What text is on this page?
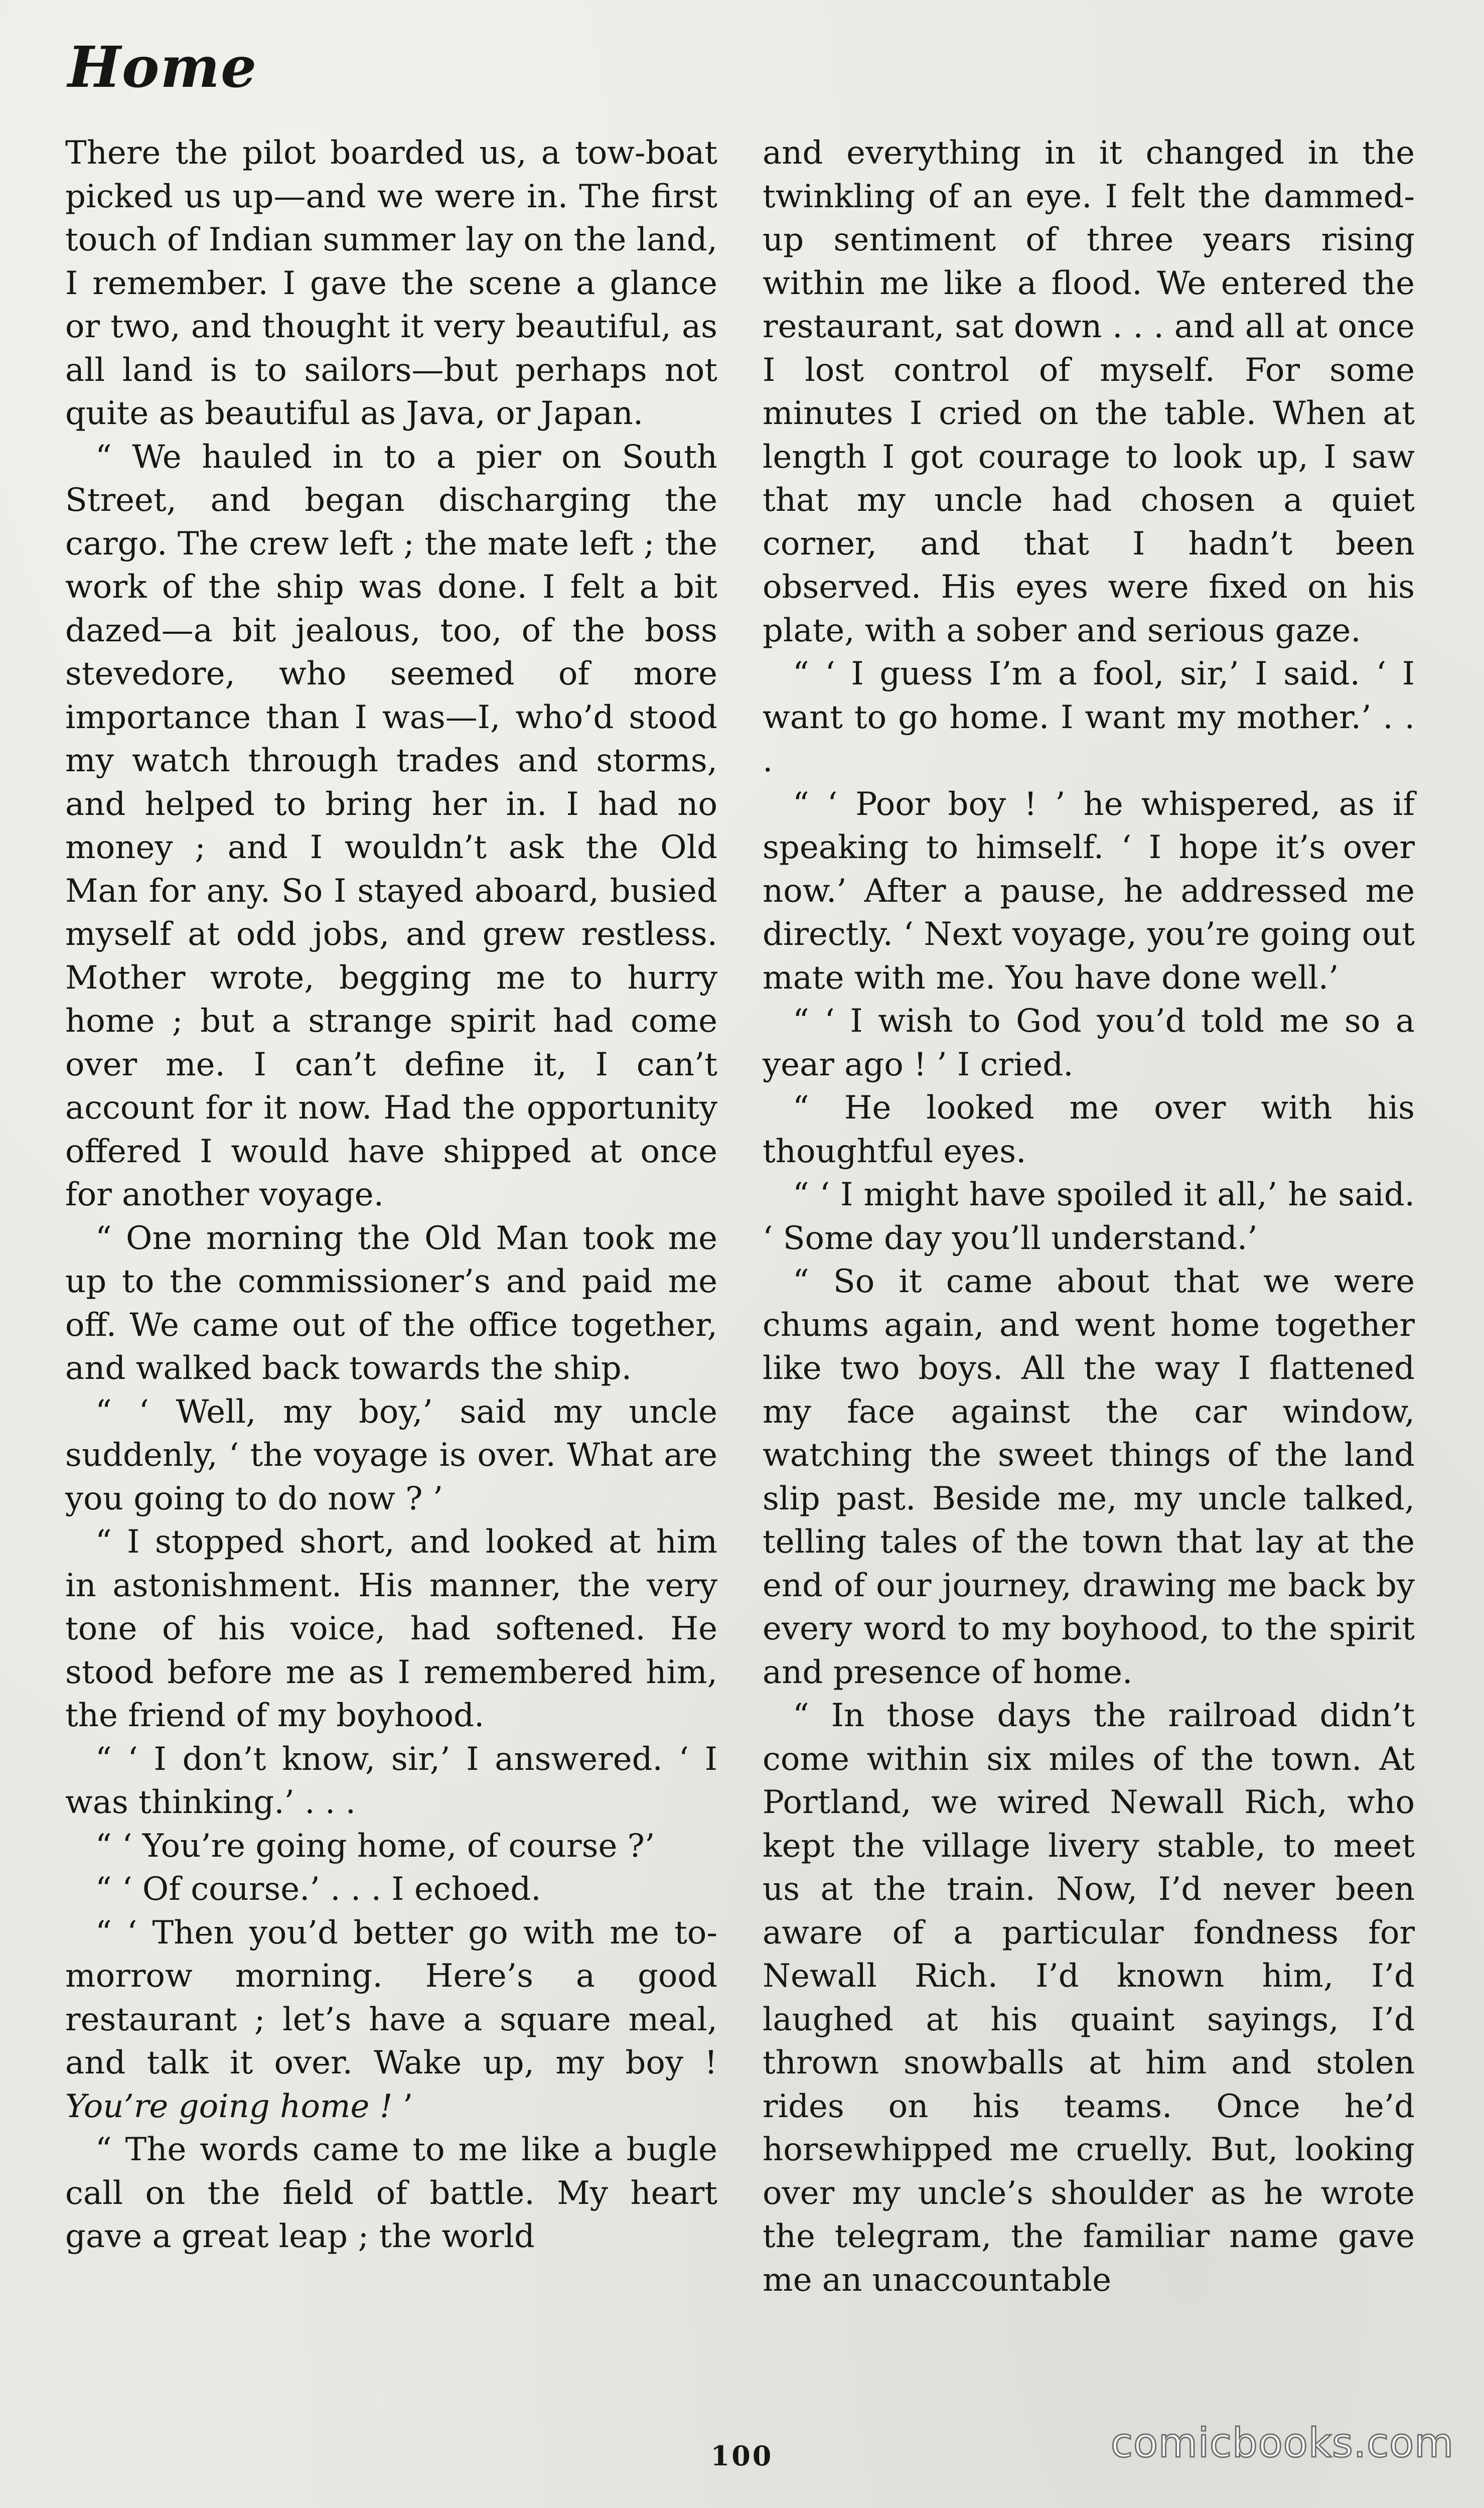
Home

There the pilot boarded us, a tow-boat picked us up—and we were in. The first touch of Indian summer lay on the land, I remember. I gave the scene a glance or two, and thought it very beautiful, as all land is to sailors—but perhaps not quite as beautiful as Java, or Japan.

“ We hauled in to a pier on South Street, and began discharging the cargo. The crew left ; the mate left ; the work of the ship was done. I felt a bit dazed—a bit jealous, too, of the boss stevedore, who seemed of more importance than I was—I, who’d stood my watch through trades and storms, and helped to bring her in. I had no money ; and I wouldn’t ask the Old Man for any. So I stayed aboard, busied myself at odd jobs, and grew restless. Mother wrote, begging me to hurry home ; but a strange spirit had come over me. I can’t define it, I can’t account for it now. Had the opportunity offered I would have shipped at once for another voyage.

“ One morning the Old Man took me up to the commissioner’s and paid me off. We came out of the office together, and walked back towards the ship.

“ ‘ Well, my boy,’ said my uncle suddenly, ‘ the voyage is over. What are you going to do now ? ’

“ I stopped short, and looked at him in astonishment. His manner, the very tone of his voice, had softened. He stood before me as I remembered him, the friend of my boyhood.

“ ‘ I don’t know, sir,’ I answered. ‘ I was thinking.’ . . .

“ ‘ You’re going home, of course ?’

“ ‘ Of course.’ . . . I echoed.

“ ‘ Then you’d better go with me to-morrow morning. Here’s a good restaurant ; let’s have a square meal, and talk it over. Wake up, my boy ! You’re going home ! ’

“ The words came to me like a bugle call on the field of battle. My heart gave a great leap ; the world

and everything in it changed in the twinkling of an eye. I felt the dammed-up sentiment of three years rising within me like a flood. We entered the restaurant, sat down . . . and all at once I lost control of myself. For some minutes I cried on the table. When at length I got courage to look up, I saw that my uncle had chosen a quiet corner, and that I hadn’t been observed. His eyes were fixed on his plate, with a sober and serious gaze.

“ ‘ I guess I’m a fool, sir,’ I said. ‘ I want to go home. I want my mother.’ . . .

“ ‘ Poor boy ! ’ he whispered, as if speaking to himself. ‘ I hope it’s over now.’ After a pause, he addressed me directly. ‘ Next voyage, you’re going out mate with me. You have done well.’

“ ‘ I wish to God you’d told me so a year ago ! ’ I cried.

“ He looked me over with his thoughtful eyes.

“ ‘ I might have spoiled it all,’ he said. ‘ Some day you’ll understand.’

“ So it came about that we were chums again, and went home together like two boys. All the way I flattened my face against the car window, watching the sweet things of the land slip past. Beside me, my uncle talked, telling tales of the town that lay at the end of our journey, drawing me back by every word to my boyhood, to the spirit and presence of home.

“ In those days the railroad didn’t come within six miles of the town. At Portland, we wired Newall Rich, who kept the village livery stable, to meet us at the train. Now, I’d never been aware of a particular fondness for Newall Rich. I’d known him, I’d laughed at his quaint sayings, I’d thrown snowballs at him and stolen rides on his teams. Once he’d horsewhipped me cruelly. But, looking over my uncle’s shoulder as he wrote the telegram, the familiar name gave me an unaccountable

100	comicbooks.com
